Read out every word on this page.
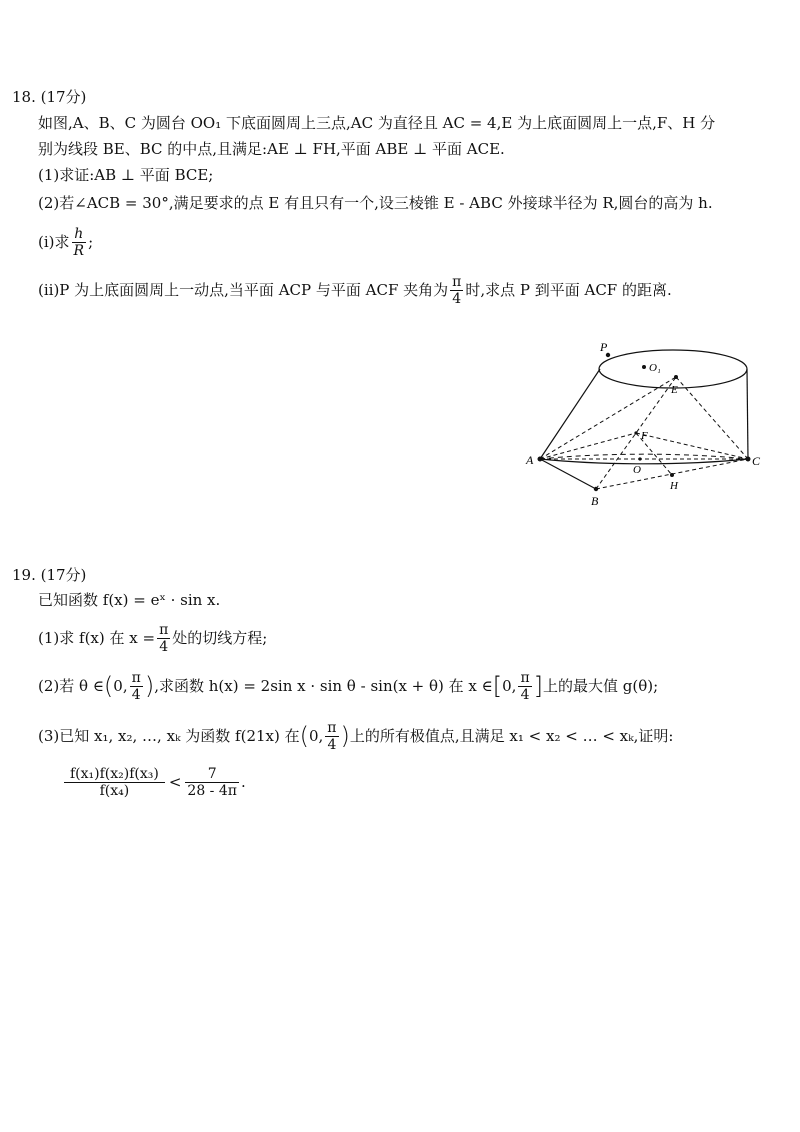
18. (17分)
如图,A、B、C 为圆台 OO₁ 下底面圆周上三点,AC 为直径且 AC = 4,E 为上底面圆周上一点,F、H 分
别为线段 BE、BC 的中点,且满足:AE ⊥ FH,平面 ABE ⊥ 平面 ACE.
(1)求证:AB ⊥ 平面 BCE;
(2)若∠ACB = 30°,满足要求的点 E 有且只有一个,设三棱锥 E - ABC 外接球半径为 R,圆台的高为 h.
(ⅰ)求 $\frac{h}{R}$ ;
(ⅱ)P 为上底面圆周上一动点,当平面 ACP 与平面 ACF 夹角为 $\frac{\pi}{4}$ 时,求点 P 到平面 ACF 的距离.
P
O₁
E
F
O
A	C
H
B
19. (17分)
已知函数 f(x) = eˣ · sin x.
(1)求 f(x) 在 $x = \frac{\pi}{4}$ 处的切线方程;
(2)若 θ ∈ ( 0, $\frac{\pi}{4}$ ) ,求函数 h(x) = 2sin x · sin θ - sin(x + θ) 在 x ∈ [ 0, $\frac{\pi}{4}$ ] 上的最大值 g(θ);
(3)已知 x₁, x₂, …, xₖ 为函数 f(21x) 在 ( 0, $\frac{\pi}{4}$ ) 上的所有极值点,且满足 x₁ < x₂ < … < xₖ,证明:
$\frac{\text{f(x₁)f(x₂)f(x₃)}}{\text{f(x₄)}} < \frac{7}{28 - 4\pi}$ .
